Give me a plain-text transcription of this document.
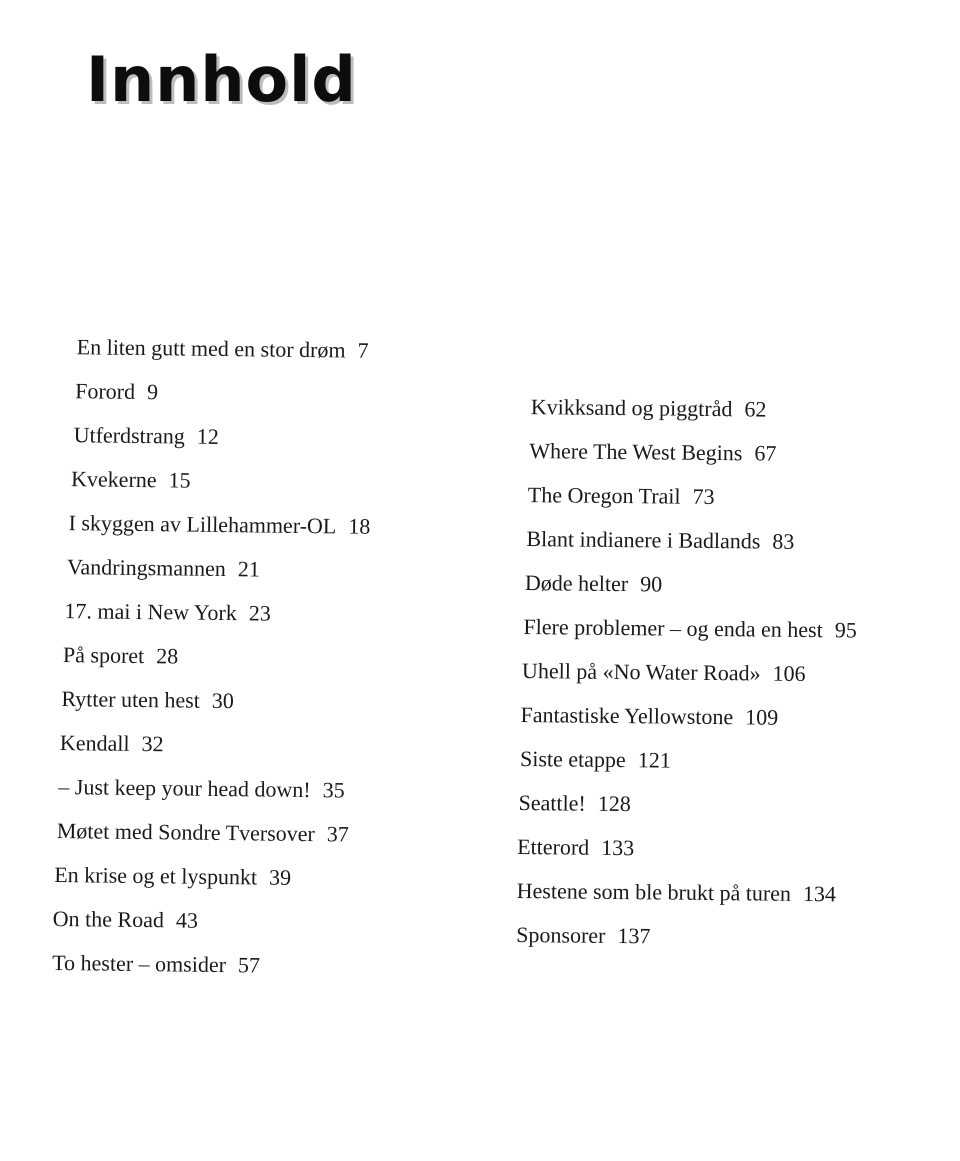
Innhold
En liten gutt med en stor drøm 7
Forord 9
Utferdstrang 12
Kvekerne 15
I skyggen av Lillehammer-OL 18
Vandringsmannen 21
17. mai i New York 23
På sporet 28
Rytter uten hest 30
Kendall 32
– Just keep your head down! 35
Møtet med Sondre Tversover 37
En krise og et lyspunkt 39
On the Road 43
To hester – omsider 57
Kvikksand og piggtråd 62
Where The West Begins 67
The Oregon Trail 73
Blant indianere i Badlands 83
Døde helter 90
Flere problemer – og enda en hest 95
Uhell på «No Water Road» 106
Fantastiske Yellowstone 109
Siste etappe 121
Seattle! 128
Etterord 133
Hestene som ble brukt på turen 134
Sponsorer 137
